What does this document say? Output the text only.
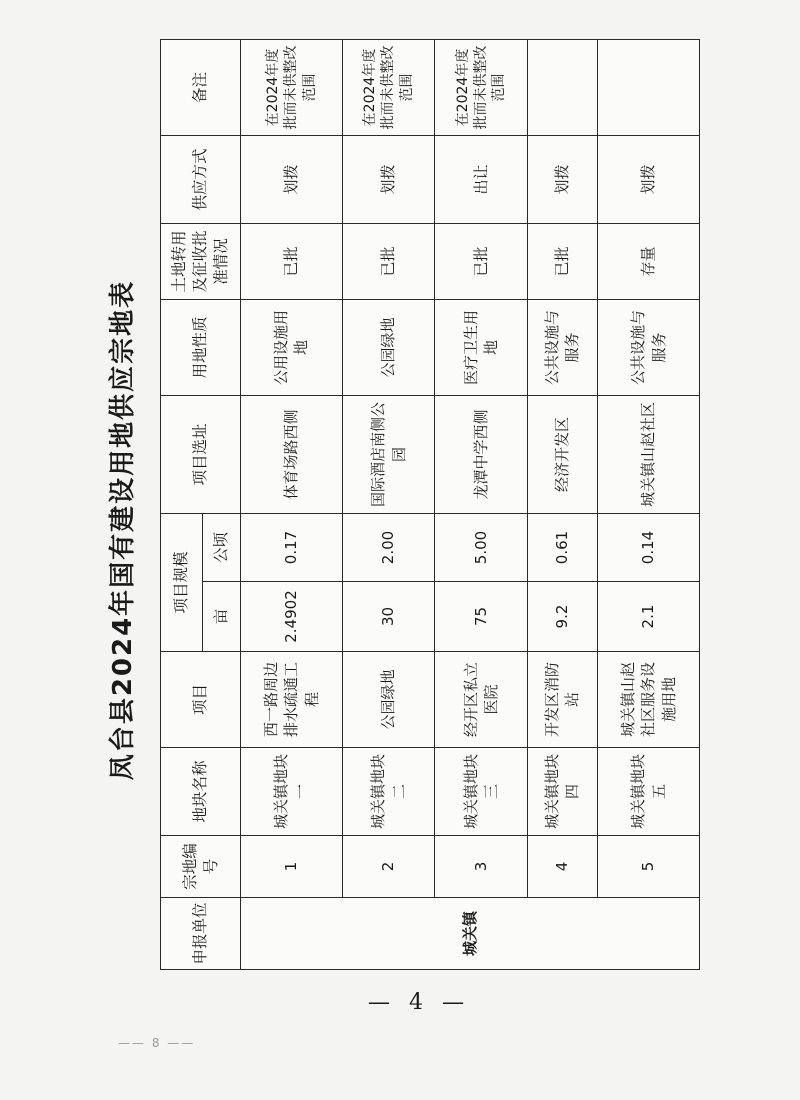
凤台县2024年国有建设用地供应宗地表
申报单位	宗地编号	地块名称	项目	项目规模		项目选址	用地性质	土地转用及征收批准情况	供应方式	备注
				亩	公顷					
城关镇	1	城关镇地块一	西一路周边排水疏通工程	2.4902	0.17	体育场路西侧	公用设施用地	已批	划拨	在2024年度批而未供整改范围
	2	城关镇地块二	公园绿地	30	2.00	国际酒店南侧公园	公园绿地	已批	划拨	在2024年度批而未供整改范围
	3	城关镇地块三	经开区私立医院	75	5.00	龙潭中学西侧	医疗卫生用地	已批	出让	在2024年度批而未供整改范围
	4	城关镇地块四	开发区消防站	9.2	0.61	经济开发区	公共设施与服务	已批	划拨	
	5	城关镇地块五	城关镇山赵社区服务设施用地	2.1	0.14	城关镇山赵社区	公共设施与服务	存量	划拨	
— 4 —
—— 8 ——
